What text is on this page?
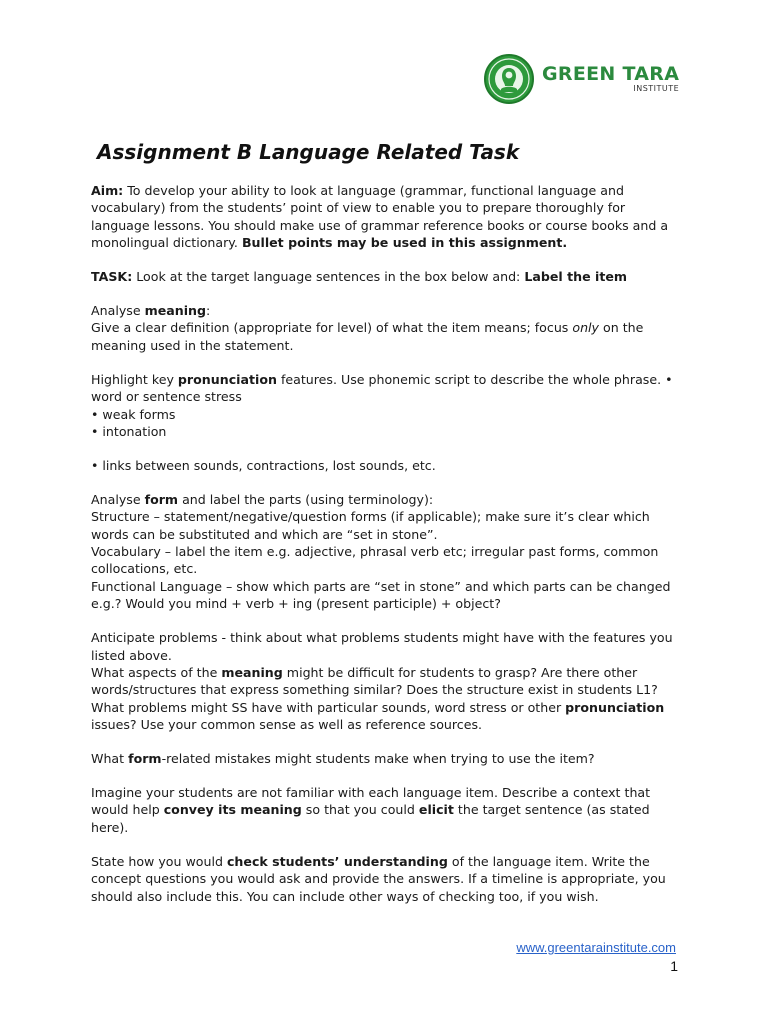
GREEN TARA
INSTITUTE
Assignment B Language Related Task

Aim: To develop your ability to look at language (grammar, functional language and vocabulary) from the students’ point of view to enable you to prepare thoroughly for language lessons. You should make use of grammar reference books or course books and a monolingual dictionary. Bullet points may be used in this assignment.

TASK: Look at the target language sentences in the box below and: Label the item

Analyse meaning:
Give a clear definition (appropriate for level) of what the item means; focus only on the meaning used in the statement.

Highlight key pronunciation features. Use phonemic script to describe the whole phrase. • word or sentence stress
• weak forms
• intonation

• links between sounds, contractions, lost sounds, etc.

Analyse form and label the parts (using terminology):
Structure – statement/negative/question forms (if applicable); make sure it’s clear which words can be substituted and which are “set in stone”.
Vocabulary – label the item e.g. adjective, phrasal verb etc; irregular past forms, common collocations, etc.
Functional Language – show which parts are “set in stone” and which parts can be changed e.g.? Would you mind + verb + ing (present participle) + object?

Anticipate problems - think about what problems students might have with the features you listed above.
What aspects of the meaning might be difficult for students to grasp? Are there other words/structures that express something similar? Does the structure exist in students L1?
What problems might SS have with particular sounds, word stress or other pronunciation issues? Use your common sense as well as reference sources.

What form-related mistakes might students make when trying to use the item?

Imagine your students are not familiar with each language item. Describe a context that would help convey its meaning so that you could elicit the target sentence (as stated here).

State how you would check students’ understanding of the language item. Write the concept questions you would ask and provide the answers. If a timeline is appropriate, you should also include this. You can include other ways of checking too, if you wish.

www.greentarainstitute.com
1
